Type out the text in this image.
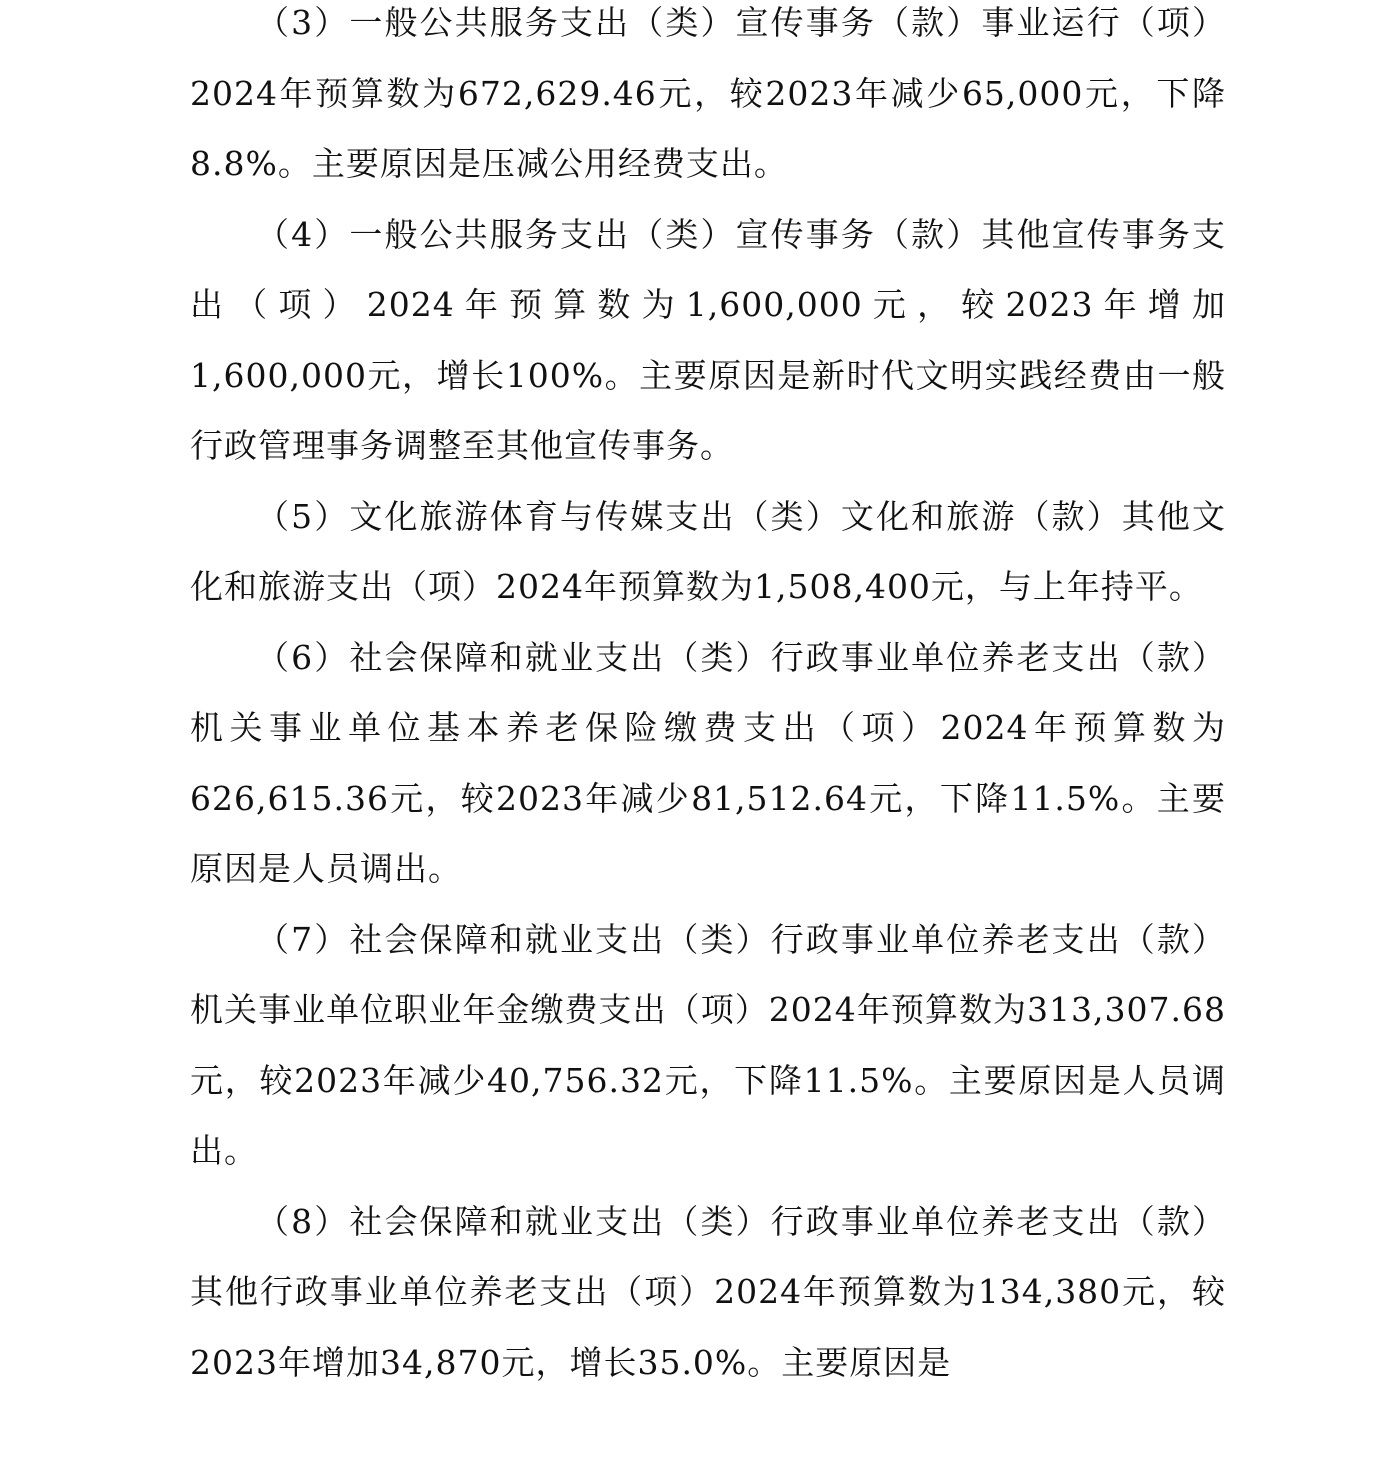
（3）一般公共服务支出（类）宣传事务（款）事业运行（项）2024年预算数为672,629.46元，较2023年减少65,000元，下降8.8%。主要原因是压减公用经费支出。

（4）一般公共服务支出（类）宣传事务（款）其他宣传事务支出（项）2024年预算数为1,600,000元，较2023年增加1,600,000元，增长100%。主要原因是新时代文明实践经费由一般行政管理事务调整至其他宣传事务。

（5）文化旅游体育与传媒支出（类）文化和旅游（款）其他文化和旅游支出（项）2024年预算数为1,508,400元，与上年持平。

（6）社会保障和就业支出（类）行政事业单位养老支出（款）机关事业单位基本养老保险缴费支出（项）2024年预算数为626,615.36元，较2023年减少81,512.64元，下降11.5%。主要原因是人员调出。

（7）社会保障和就业支出（类）行政事业单位养老支出（款）机关事业单位职业年金缴费支出（项）2024年预算数为313,307.68元，较2023年减少40,756.32元，下降11.5%。主要原因是人员调出。

（8）社会保障和就业支出（类）行政事业单位养老支出（款）其他行政事业单位养老支出（项）2024年预算数为134,380元，较2023年增加34,870元，增长35.0%。主要原因是
